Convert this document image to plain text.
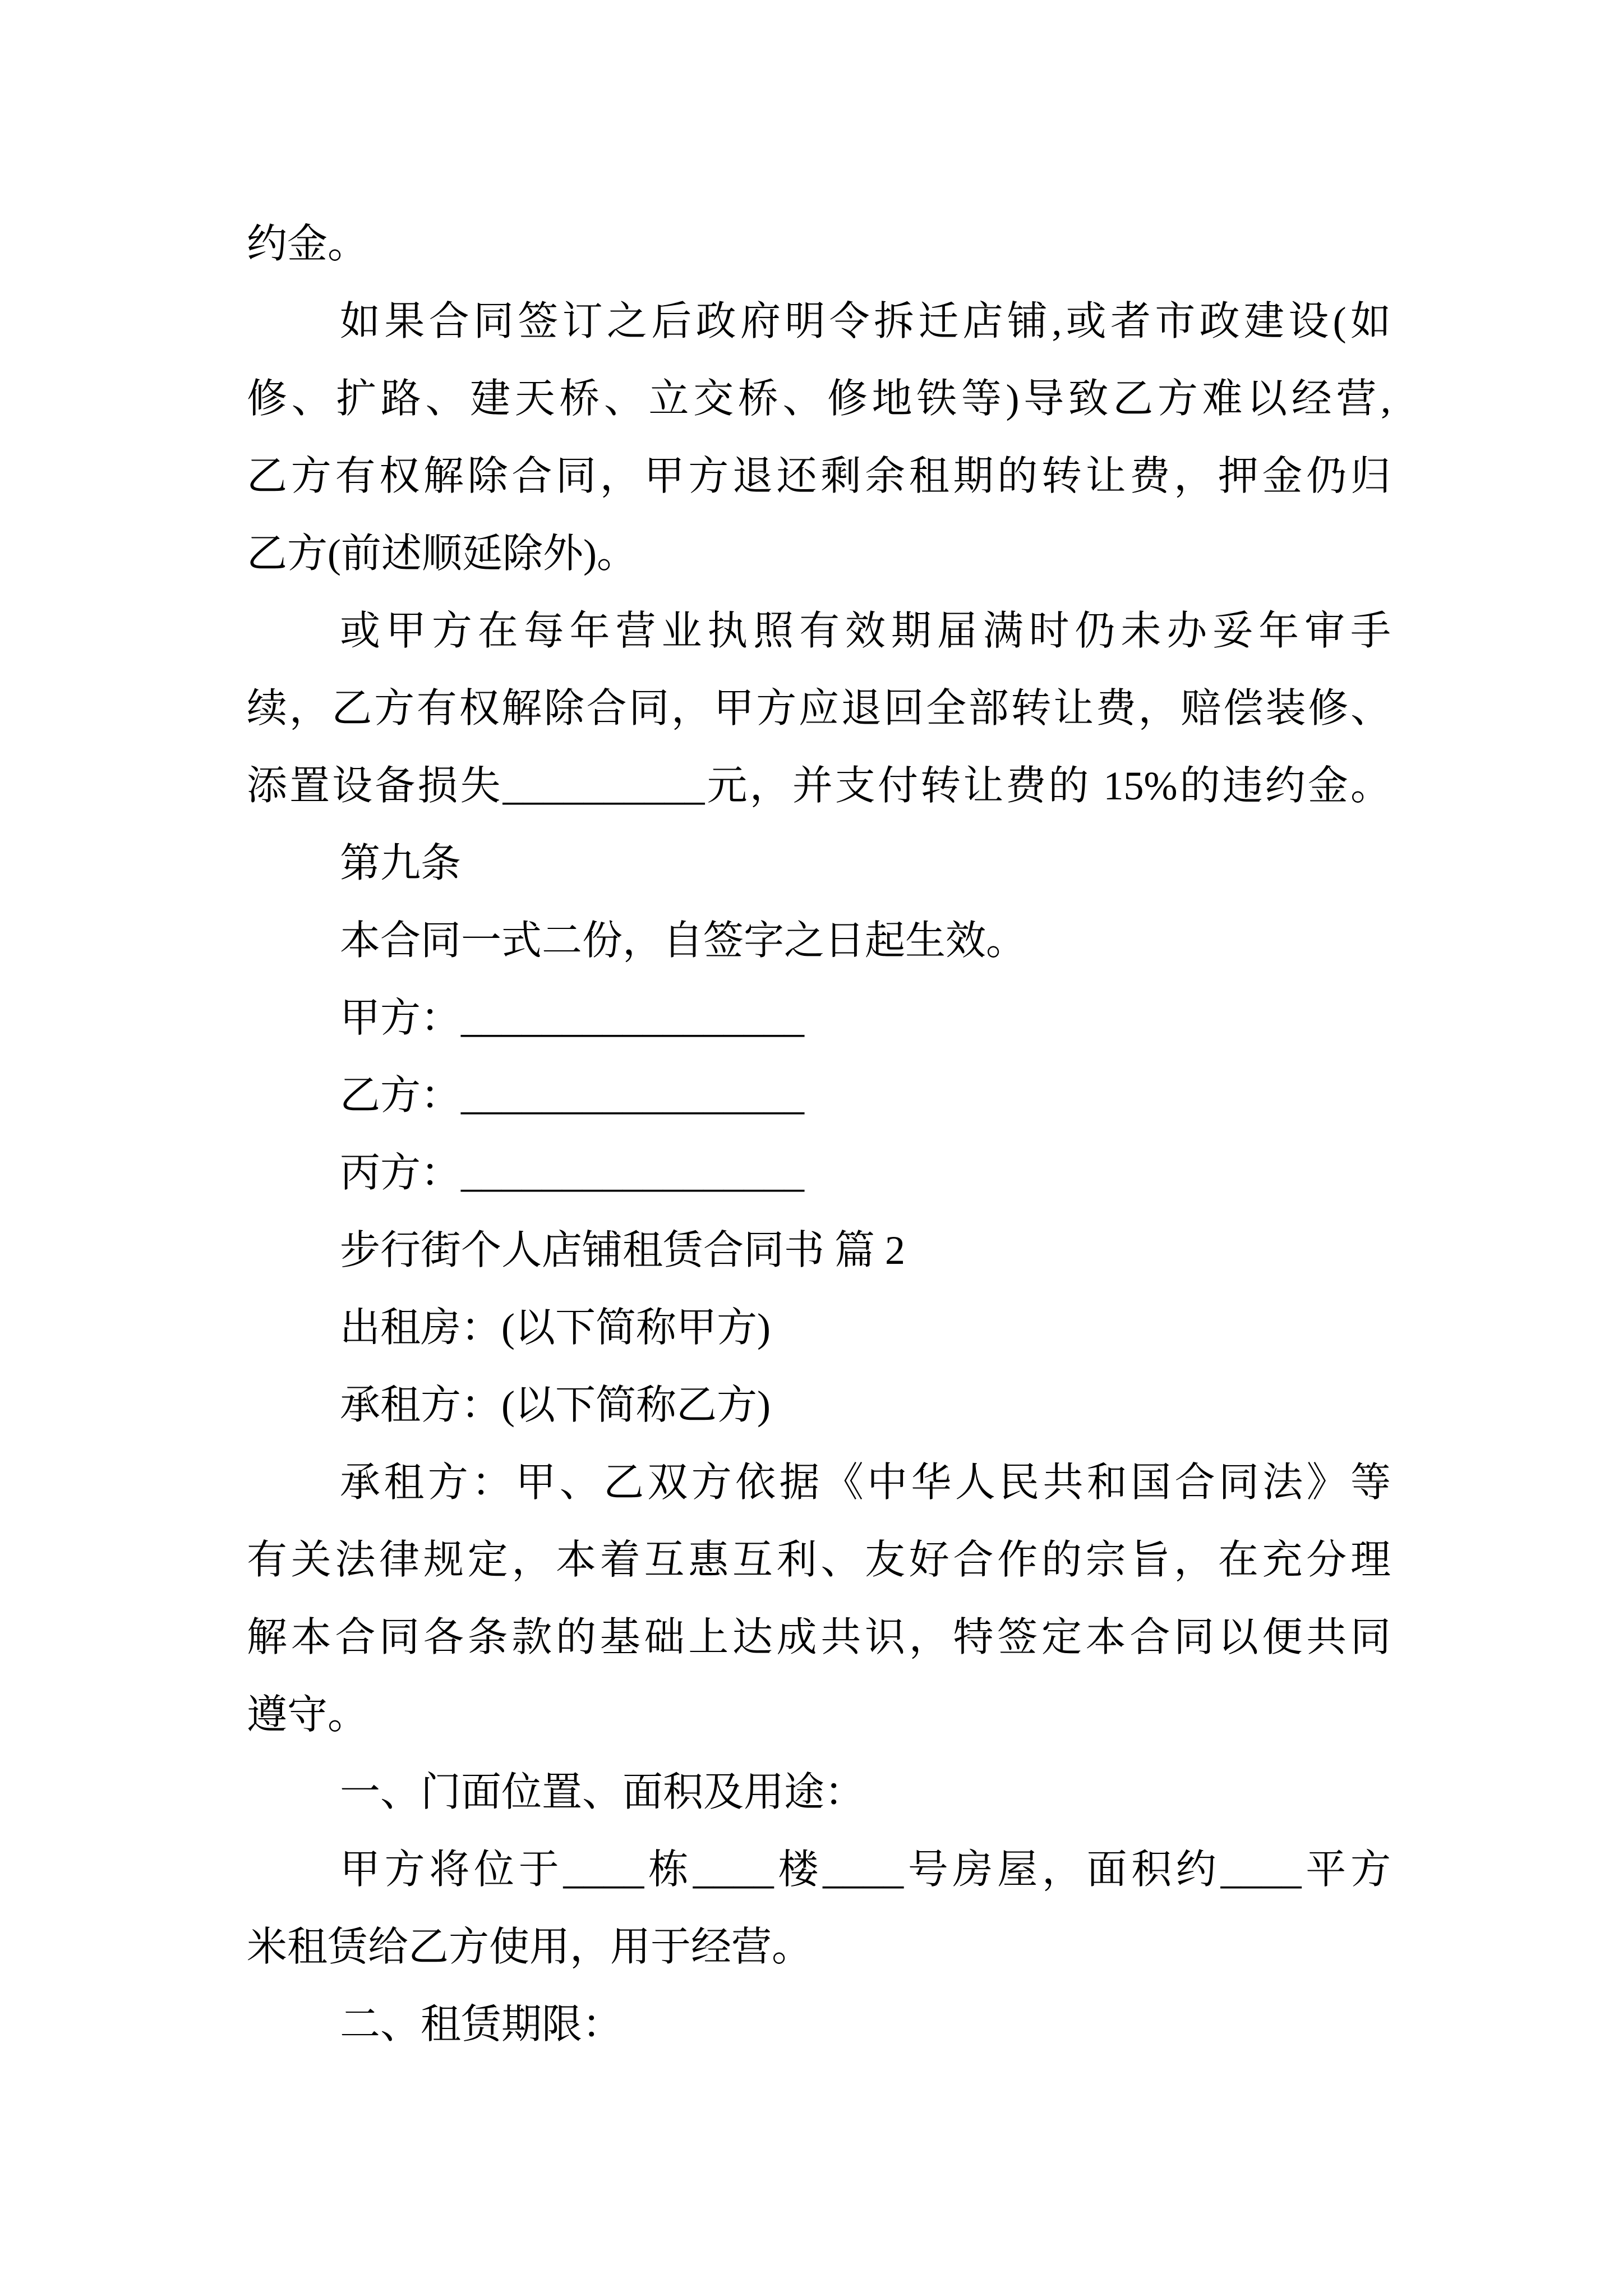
约金。
如果合同签订之后政府明令拆迁店铺,或者市政建设(如
修、扩路、建天桥、立交桥、修地铁等)导致乙方难以经营,
乙方有权解除合同，甲方退还剩余租期的转让费，押金仍归
乙方(前述顺延除外)。
或甲方在每年营业执照有效期届满时仍未办妥年审手
续，乙方有权解除合同，甲方应退回全部转让费，赔偿装修、
添置设备损失__________元，并支付转让费的 15%的违约金。
第九条
本合同一式二份，自签字之日起生效。
甲方：_________________
乙方：_________________
丙方：_________________
步行街个人店铺租赁合同书 篇 2
出租房：(以下简称甲方)
承租方：(以下简称乙方)
承租方：甲、乙双方依据《中华人民共和国合同法》等
有关法律规定，本着互惠互利、友好合作的宗旨，在充分理
解本合同各条款的基础上达成共识，特签定本合同以便共同
遵守。
一、门面位置、面积及用途：
甲方将位于____栋____楼____号房屋，面积约____平方
米租赁给乙方使用，用于经营。
二、租赁期限：
